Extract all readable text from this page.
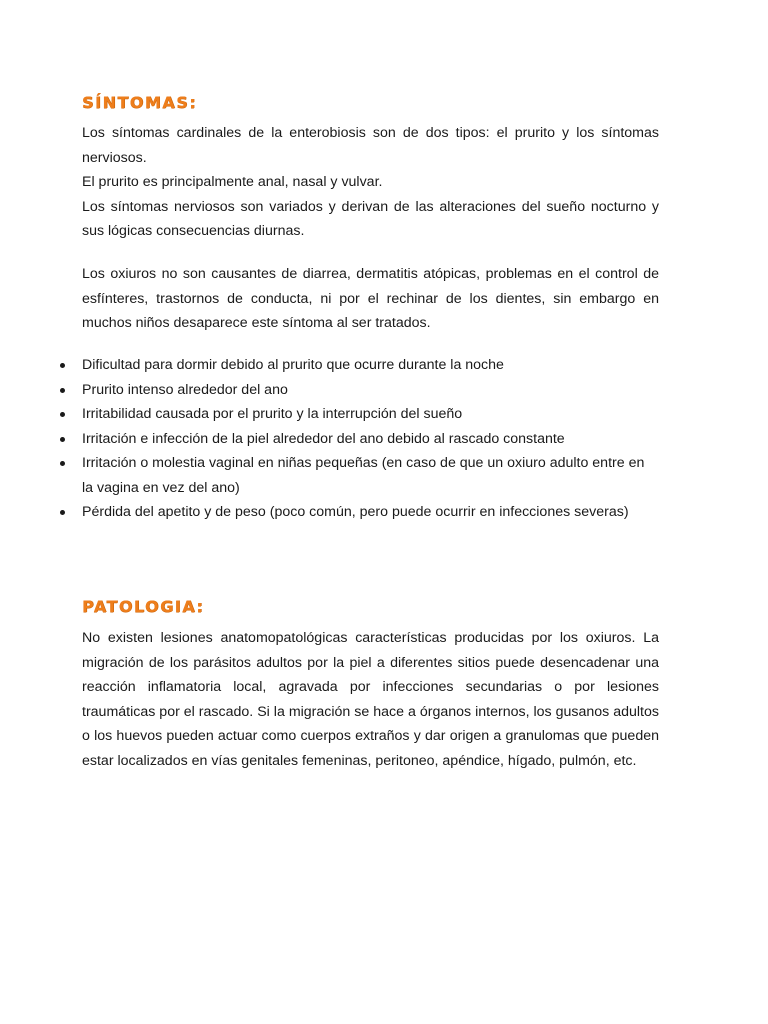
SÍNTOMAS:
Los síntomas cardinales de la enterobiosis son de dos tipos: el prurito y los síntomas nerviosos.
El prurito es principalmente anal, nasal y vulvar.
Los síntomas nerviosos son variados y derivan de las alteraciones del sueño nocturno y sus lógicas consecuencias diurnas.

Los oxiuros no son causantes de diarrea, dermatitis atópicas, problemas en el control de esfínteres, trastornos de conducta, ni por el rechinar de los dientes, sin embargo en muchos niños desaparece este síntoma al ser tratados.

Dificultad para dormir debido al prurito que ocurre durante la noche
Prurito intenso alrededor del ano
Irritabilidad causada por el prurito y la interrupción del sueño
Irritación e infección de la piel alrededor del ano debido al rascado constante
Irritación o molestia vaginal en niñas pequeñas (en caso de que un oxiuro adulto entre en la vagina en vez del ano)
Pérdida del apetito y de peso (poco común, pero puede ocurrir en infecciones severas)
PATOLOGIA:

No existen lesiones anatomopatológicas características producidas por los oxiuros. La migración de los parásitos adultos por la piel a diferentes sitios puede desencadenar una reacción inflamatoria local, agravada por infecciones secundarias o por lesiones traumáticas por el rascado. Si la migración se hace a órganos internos, los gusanos adultos o los huevos pueden actuar como cuerpos extraños y dar origen a granulomas que pueden estar localizados en vías genitales femeninas, peritoneo, apéndice, hígado, pulmón, etc.
